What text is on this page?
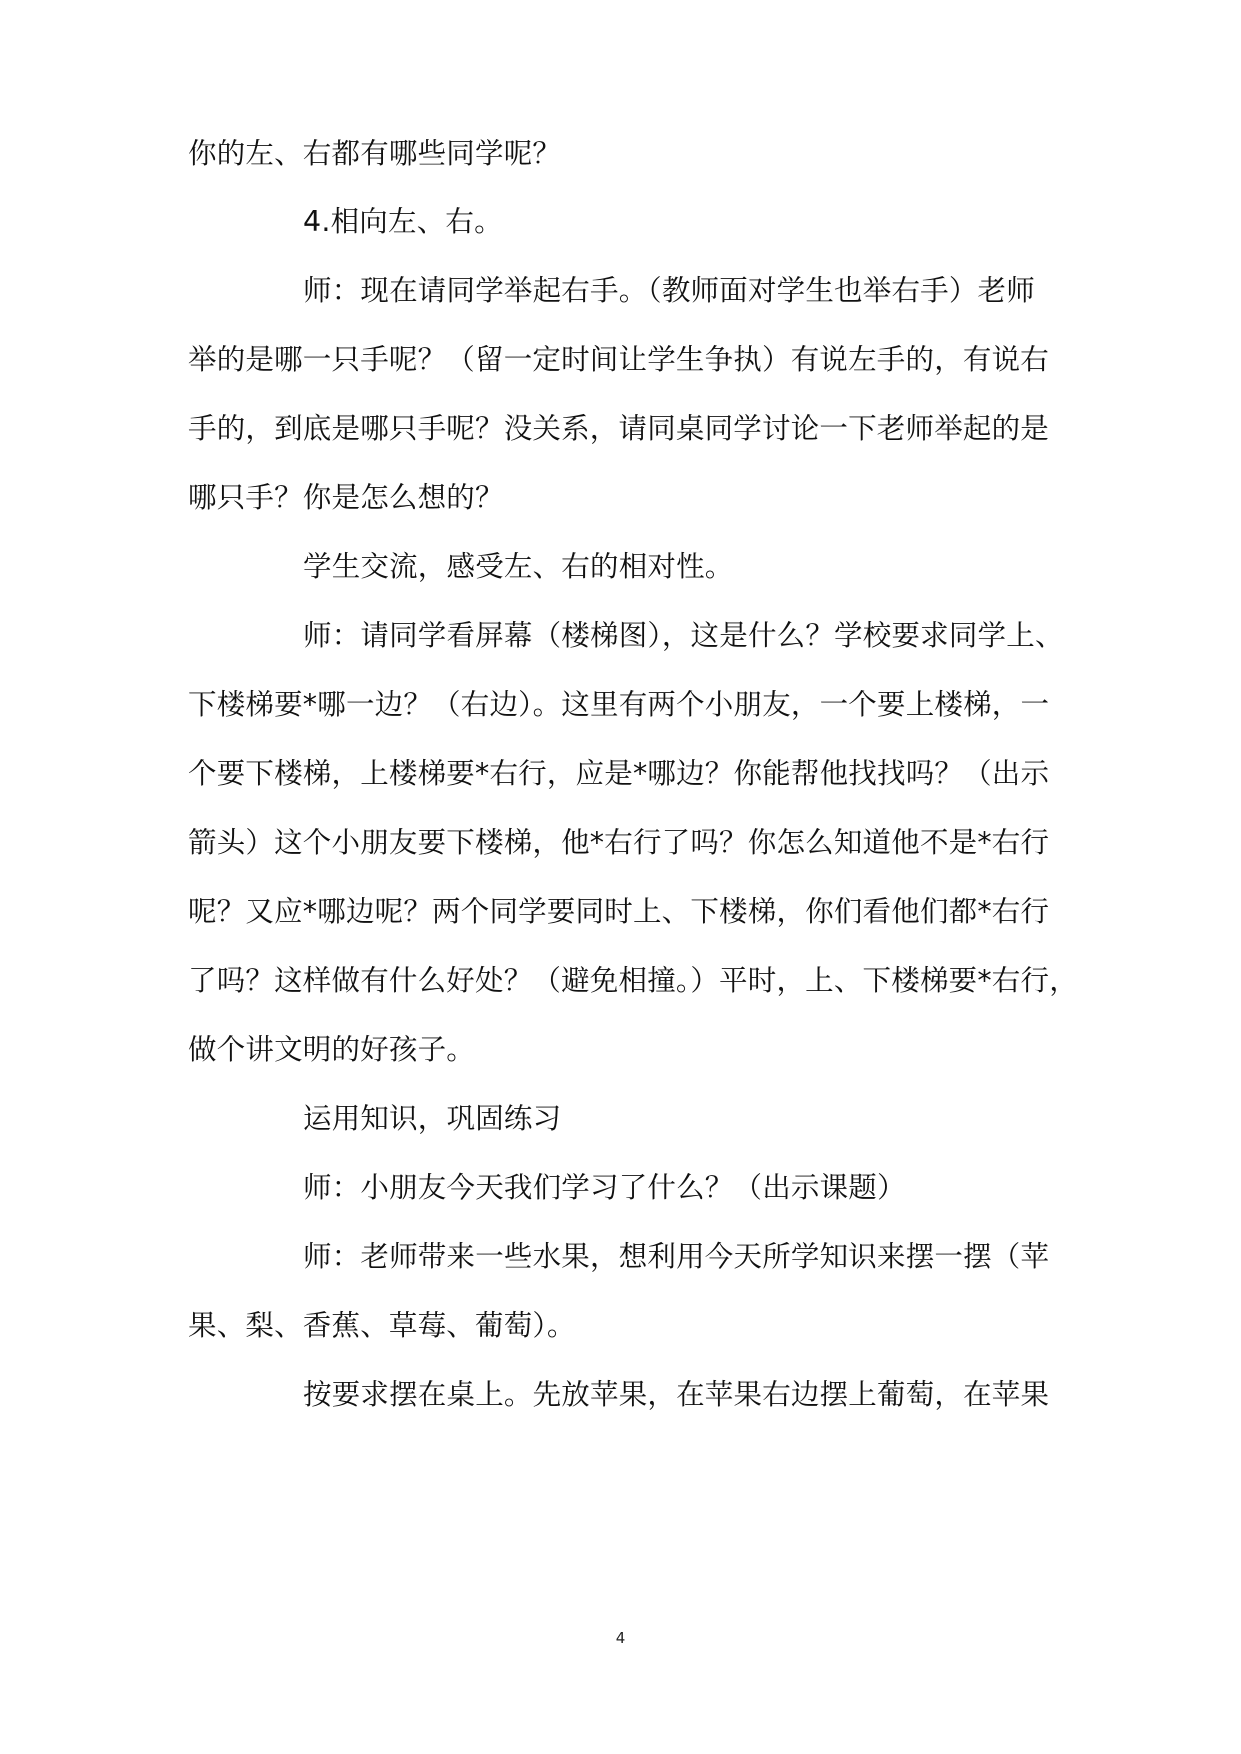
你的左、右都有哪些同学呢？
4.相向左、右。
师：现在请同学举起右手。（教师面对学生也举右手）老师
举的是哪一只手呢？（留一定时间让学生争执）有说左手的，有说右
手的，到底是哪只手呢？没关系，请同桌同学讨论一下老师举起的是
哪只手？你是怎么想的？
学生交流，感受左、右的相对性。
师：请同学看屏幕（楼梯图），这是什么？学校要求同学上、
下楼梯要*哪一边？（右边）。这里有两个小朋友，一个要上楼梯，一
个要下楼梯，上楼梯要*右行，应是*哪边？你能帮他找找吗？（出示
箭头）这个小朋友要下楼梯，他*右行了吗？你怎么知道他不是*右行
呢？又应*哪边呢？两个同学要同时上、下楼梯，你们看他们都*右行
了吗？这样做有什么好处？（避免相撞。）平时，上、下楼梯要*右行，
做个讲文明的好孩子。
运用知识，巩固练习
师：小朋友今天我们学习了什么？（出示课题）
师：老师带来一些水果，想利用今天所学知识来摆一摆（苹
果、梨、香蕉、草莓、葡萄）。
按要求摆在桌上。先放苹果，在苹果右边摆上葡萄，在苹果
4
